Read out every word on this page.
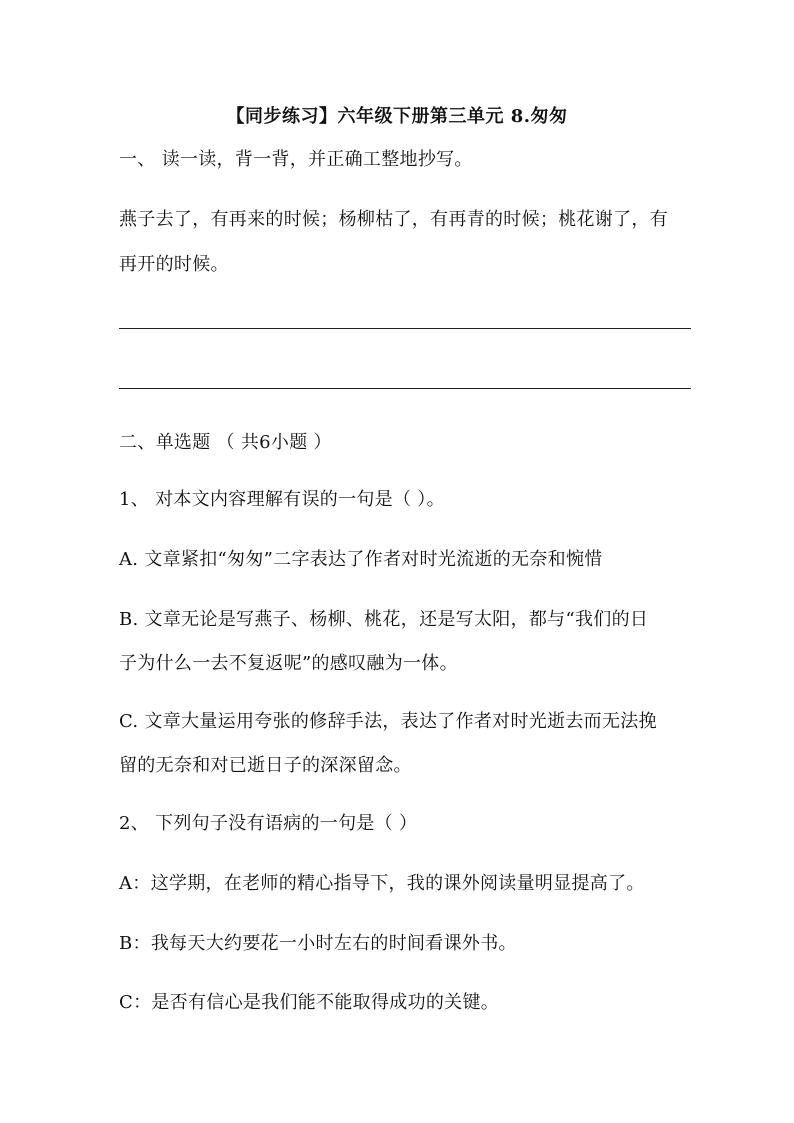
【同步练习】六年级下册第三单元 8.匆匆
一、 读一读，背一背，并正确工整地抄写。
燕子去了，有再来的时候；杨柳枯了，有再青的时候；桃花谢了，有
再开的时候。
二、单选题 （ 共6小题 ）
1、 对本文内容理解有误的一句是（ ）。
A. 文章紧扣“匆匆”二字表达了作者对时光流逝的无奈和惋惜
B. 文章无论是写燕子、杨柳、桃花，还是写太阳，都与“我们的日
子为什么一去不复返呢”的感叹融为一体。
C. 文章大量运用夸张的修辞手法，表达了作者对时光逝去而无法挽
留的无奈和对已逝日子的深深留念。
2、 下列句子没有语病的一句是（ ）
A：这学期，在老师的精心指导下，我的课外阅读量明显提高了。
B：我每天大约要花一小时左右的时间看课外书。
C：是否有信心是我们能不能取得成功的关键。
